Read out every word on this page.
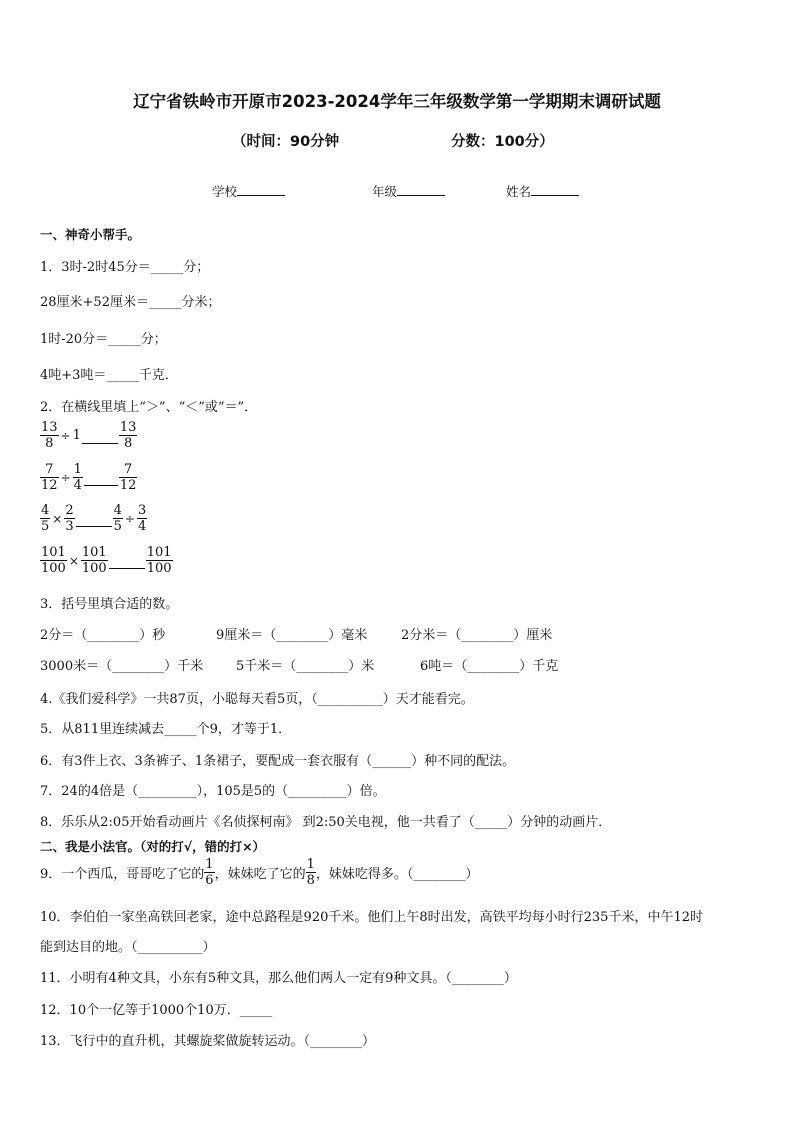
辽宁省铁岭市开原市2023-2024学年三年级数学第一学期期末调研试题
（时间：90分钟	分数：100分）
学校	年级	姓名
一、神奇小帮手。
1．3时-2时45分＝_____分；
28厘米+52厘米＝_____分米；
1时-20分＝_____分；
4吨+3吨＝_____千克．
2．在横线里填上“＞”、“＜”或“＝”．
$\frac{13}{8} \div 1$	$\frac{13}{8}$
$\frac{7}{12} \div \frac{1}{4}$	$\frac{7}{12}$
$\frac{4}{5} \times \frac{2}{3}$	$\frac{4}{5} \div \frac{3}{4}$
$\frac{101}{100} \times \frac{101}{100}$	$\frac{101}{100}$
3．括号里填合适的数。
2分＝（________）秒	9厘米＝（________）毫米	2分米＝（________）厘米
3000米＝（________）千米	5千米＝（________）米	6吨＝（________）千克
4.《我们爱科学》一共87页，小聪每天看5页，（__________）天才能看完。
5．从811里连续减去_____个9，才等于1．
6．有3件上衣、3条裤子、1条裙子，要配成一套衣服有（______）种不同的配法。
7．24的4倍是（_________），105是5的（_________）倍。
8．乐乐从2:05开始看动画片《名侦探柯南》 到2:50关电视，他一共看了（_____）分钟的动画片．
二、我是小法官。（对的打√，错的打×）
9．一个西瓜，哥哥吃了它的 $\frac{1}{6}$ ，妹妹吃了它的 $\frac{1}{8}$ ，妹妹吃得多。（________）
10．李伯伯一家坐高铁回老家，途中总路程是920千米。他们上午8时出发，高铁平均每小时行235千米，中午12时
能到达目的地。（__________）
11．小明有4种文具，小东有5种文具，那么他们两人一定有9种文具。（________）
12．10个一亿等于1000个10万．_____
13．飞行中的直升机，其螺旋桨做旋转运动。（________）
